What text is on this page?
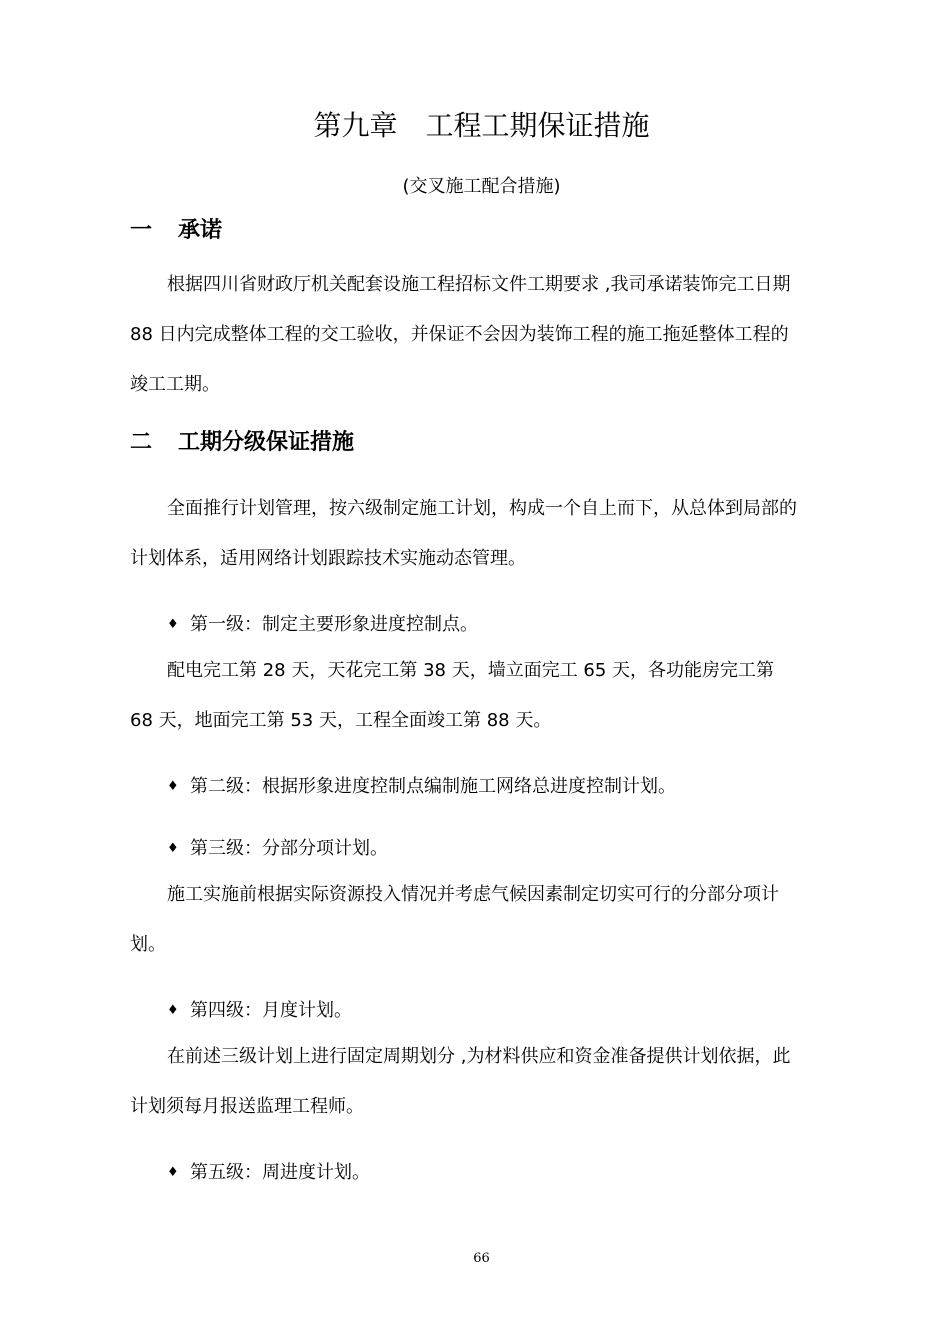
第九章　工程工期保证措施
(交叉施工配合措施)
一 承诺
根据四川省财政厅机关配套设施工程招标文件工期要求 ,我司承诺装饰完工日期
88 日内完成整体工程的交工验收，并保证不会因为装饰工程的施工拖延整体工程的
竣工工期。
二 工期分级保证措施
全面推行计划管理，按六级制定施工计划，构成一个自上而下，从总体到局部的
计划体系，适用网络计划跟踪技术实施动态管理。
♦ 第一级：制定主要形象进度控制点。
配电完工第 28 天，天花完工第 38 天，墙立面完工 65 天，各功能房完工第
68 天，地面完工第 53 天，工程全面竣工第 88 天。
♦ 第二级：根据形象进度控制点编制施工网络总进度控制计划。
♦ 第三级：分部分项计划。
施工实施前根据实际资源投入情况并考虑气候因素制定切实可行的分部分项计
划。
♦ 第四级：月度计划。
在前述三级计划上进行固定周期划分 ,为材料供应和资金准备提供计划依据，此
计划须每月报送监理工程师。
♦ 第五级：周进度计划。
66
